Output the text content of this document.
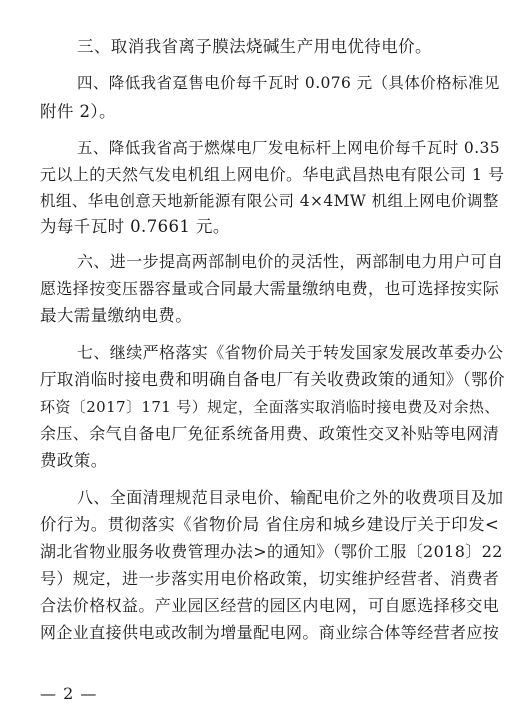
三、取消我省离子膜法烧碱生产用电优待电价。
四、降低我省趸售电价每千瓦时 0.076 元（具体价格标准见
附件 2）。
五、降低我省高于燃煤电厂发电标杆上网电价每千瓦时 0.35
元以上的天然气发电机组上网电价。华电武昌热电有限公司 1 号
机组、华电创意天地新能源有限公司 4×4MW 机组上网电价调整
为每千瓦时 0.7661 元。
六、进一步提高两部制电价的灵活性，两部制电力用户可自
愿选择按变压器容量或合同最大需量缴纳电费，也可选择按实际
最大需量缴纳电费。
七、继续严格落实《省物价局关于转发国家发展改革委办公
厅取消临时接电费和明确自备电厂有关收费政策的通知》（鄂价
环资〔2017〕171 号）规定，全面落实取消临时接电费及对余热、
余压、余气自备电厂免征系统备用费、政策性交叉补贴等电网清
费政策。
八、全面清理规范目录电价、输配电价之外的收费项目及加
价行为。贯彻落实《省物价局 省住房和城乡建设厅关于印发<
湖北省物业服务收费管理办法>的通知》（鄂价工服〔2018〕22
号）规定，进一步落实用电价格政策，切实维护经营者、消费者
合法价格权益。产业园区经营的园区内电网，可自愿选择移交电
网企业直接供电或改制为增量配电网。商业综合体等经营者应按
— 2 —
